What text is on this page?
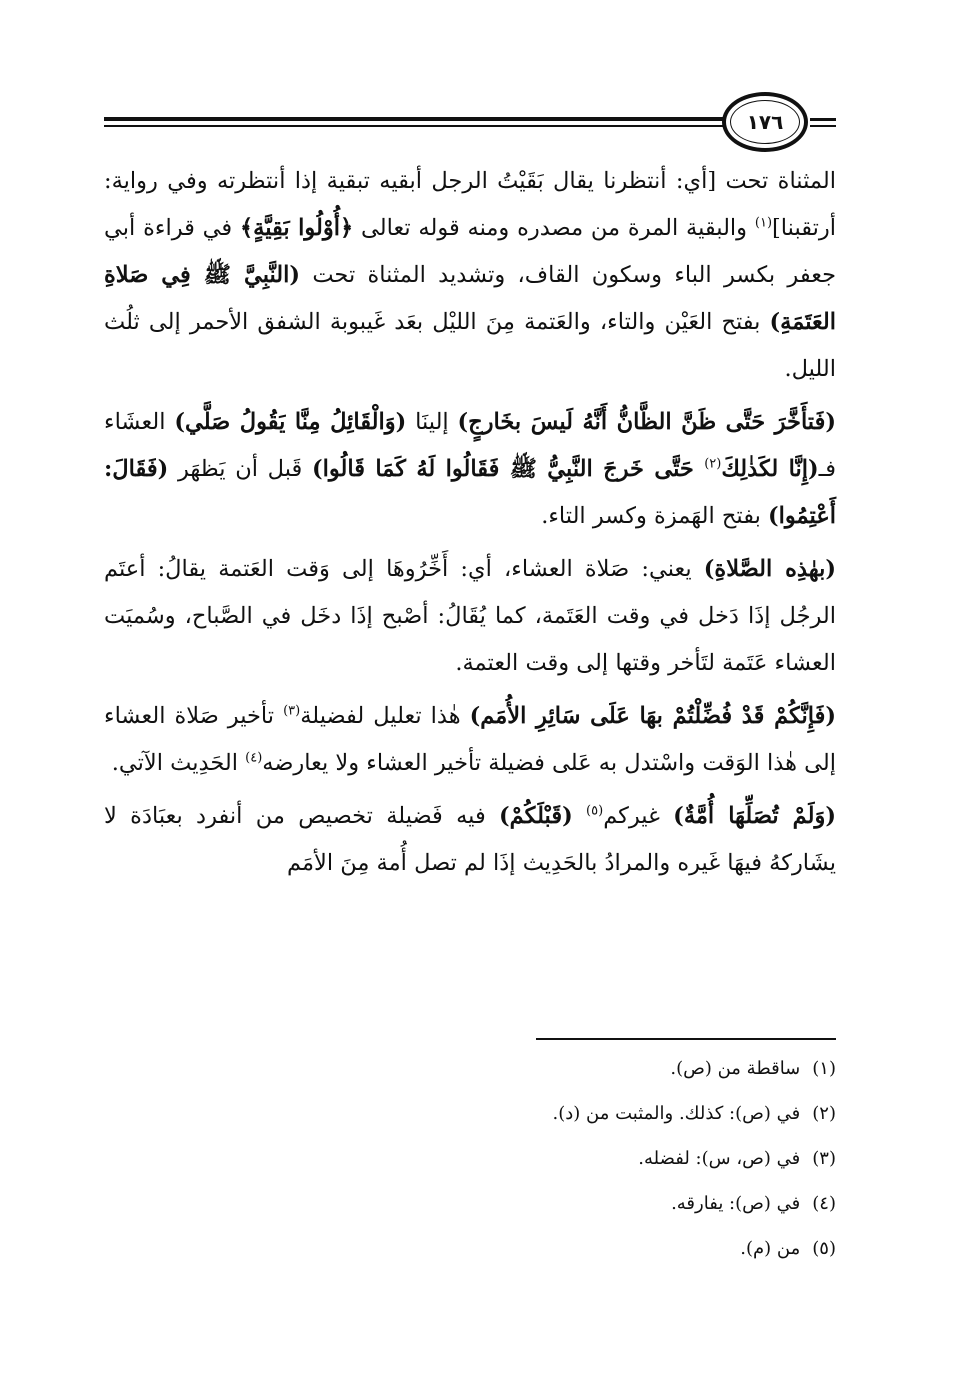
١٧٦

المثناة تحت [أي: أنتظرنا يقال بَقَيْتُ الرجل أبقيه تبقية إذا أنتظرته وفي رواية: أرتقبنا]$^{(١)}$ والبقية المرة من مصدره ومنه قوله تعالى ﴿أُوْلُوا بَقِيَّةٍ﴾ في قراءة أبي جعفر بكسر الباء وسكون القاف، وتشديد المثناة تحت (النَّبِيَّ ﷺ فِي صَلاةِ العَتَمَةِ) بفتح العَيْن والتاء، والعَتمة مِنَ الليْل بعَد غَيبوبة الشفق الأحمر إلى ثلُث الليل.

(فَتأَخَّرَ حَتَّى ظَنَّ الظَّانُّ أَنَّهُ لَيسَ بخَارجٍ) إلينَا (وَالْقَائِلُ مِنَّا يَقُولُ صَلَّي) العشَاء فـ(إِنَّا لكَذٰلِكَ$^{(٢)}$ حَتَّى خَرجَ النَّبِيُّ ﷺ فَقَالُوا لَهُ كَمَا قَالُوا) قَبل أن يَظهَر (فَقَالَ: أَعْتِمُوا) بفتح الهَمزة وكسر التاء.

(بهٰذِه الصَّلاةِ) يعني: صَلاة العشاء، أي: أَخِّرُوهَا إلى وَقت العَتمة يقالُ: أعتَم الرجُل إذَا دَخل في وقت العَتَمة، كما يُقَالُ: أصْبح إذَا دخَل في الصَّباح، وسُميَت العشاء عَتَمة لتَأخر وقتها إلى وقت العتمة.

(فَإِنَّكُمْ قَدْ فُضِّلْتُمْ بهَا عَلَى سَائِرِ الأُمَم) هٰذا تعليل لفضيلة$^{(٣)}$ تأخير صَلاة العشاء إلى هٰذا الوَقت واسْتدل به عَلى فضيلة تأخير العشاء ولا يعارضه$^{(٤)}$ الحَدِيث الآتي.

(وَلَمْ تُصَلِّهَا أُمَّةٌ) غيركم$^{(٥)}$ (قَبْلَكُمْ) فيه فَضيلة تخصيص من أنفرد بعبَادَة لا يشَاركهُ فيهَا غَيره والمرادُ بالحَدِيث إذَا لم تصل أُمة مِنَ الأمَم

(١)ساقطة من (ص).
(٢)في (ص): كذلك. والمثبت من (د).
(٣)في (ص، س): لفضله.
(٤)في (ص): يفارقه.
(٥)من (م).
